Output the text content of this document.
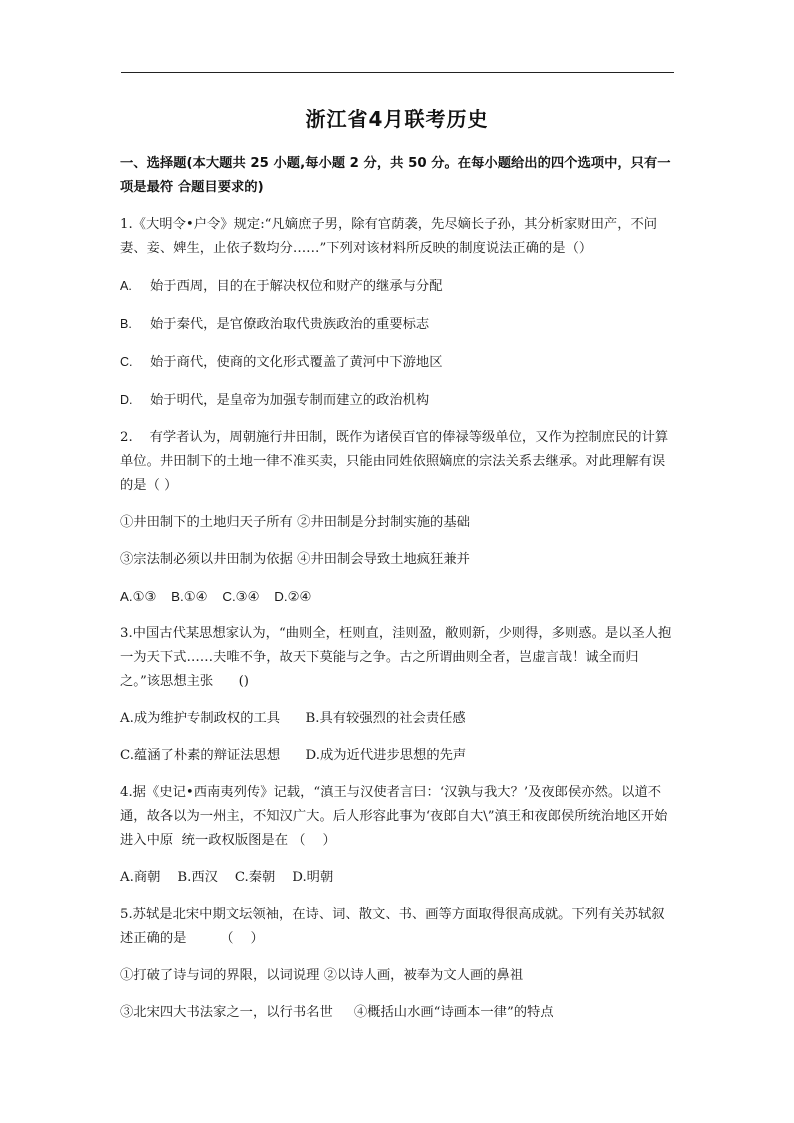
浙江省4月联考历史
一、选择题(本大题共 25 小题,每小题 2 分，共 50 分。在每小题给出的四个选项中，只有一项是最符 合题目要求的)
1.《大明令•户令》规定:“凡嫡庶子男，除有官荫袭，先尽嫡长子孙，其分析家财田产，不问妻、妾、婢生，止依子数均分……”下列对该材料所反映的制度说法正确的是（）
A. 始于西周，目的在于解决权位和财产的继承与分配
B. 始于秦代，是官僚政治取代贵族政治的重要标志
C. 始于商代，使商的文化形式覆盖了黄河中下游地区
D. 始于明代，是皇帝为加强专制而建立的政治机构
2.    有学者认为，周朝施行井田制，既作为诸侯百官的俸禄等级单位，又作为控制庶民的计算单位。井田制下的土地一律不准买卖，只能由同姓依照嫡庶的宗法关系去继承。对此理解有误的是（ ）
①井田制下的土地归天子所有 ②井田制是分封制实施的基础
③宗法制必须以井田制为依据 ④井田制会导致土地疯狂兼并
A.①③    B.①④    C.③④    D.②④
3.中国古代某思想家认为，“曲则全，枉则直，洼则盈，敝则新，少则得，多则惑。是以圣人抱一为天下式……夫唯不争，故天下莫能与之争。古之所谓曲则全者，岂虚言哉！诚全而归之。”该思想主张      ()
A.成为维护专制政权的工具      B.具有较强烈的社会责任感
C.蕴涵了朴素的辩证法思想      D.成为近代进步思想的先声
4.据《史记•西南夷列传》记载，“滇王与汉使者言曰：‘汉孰与我大？’及夜郎侯亦然。以道不通，故各以为一州主，不知汉广大。后人形容此事为‘夜郎自大\”滇王和夜郎侯所统治地区开始进入中原  统一政权版图是在 （    ）
A.商朝    B.西汉    C.秦朝    D.明朝
5.苏轼是北宋中期文坛领袖，在诗、词、散文、书、画等方面取得很高成就。下列有关苏轼叙述正确的是        （    ）
①打破了诗与词的界限，以词说理 ②以诗人画，被奉为文人画的鼻祖
③北宋四大书法家之一，以行书名世     ④概括山水画“诗画本一律”的特点
